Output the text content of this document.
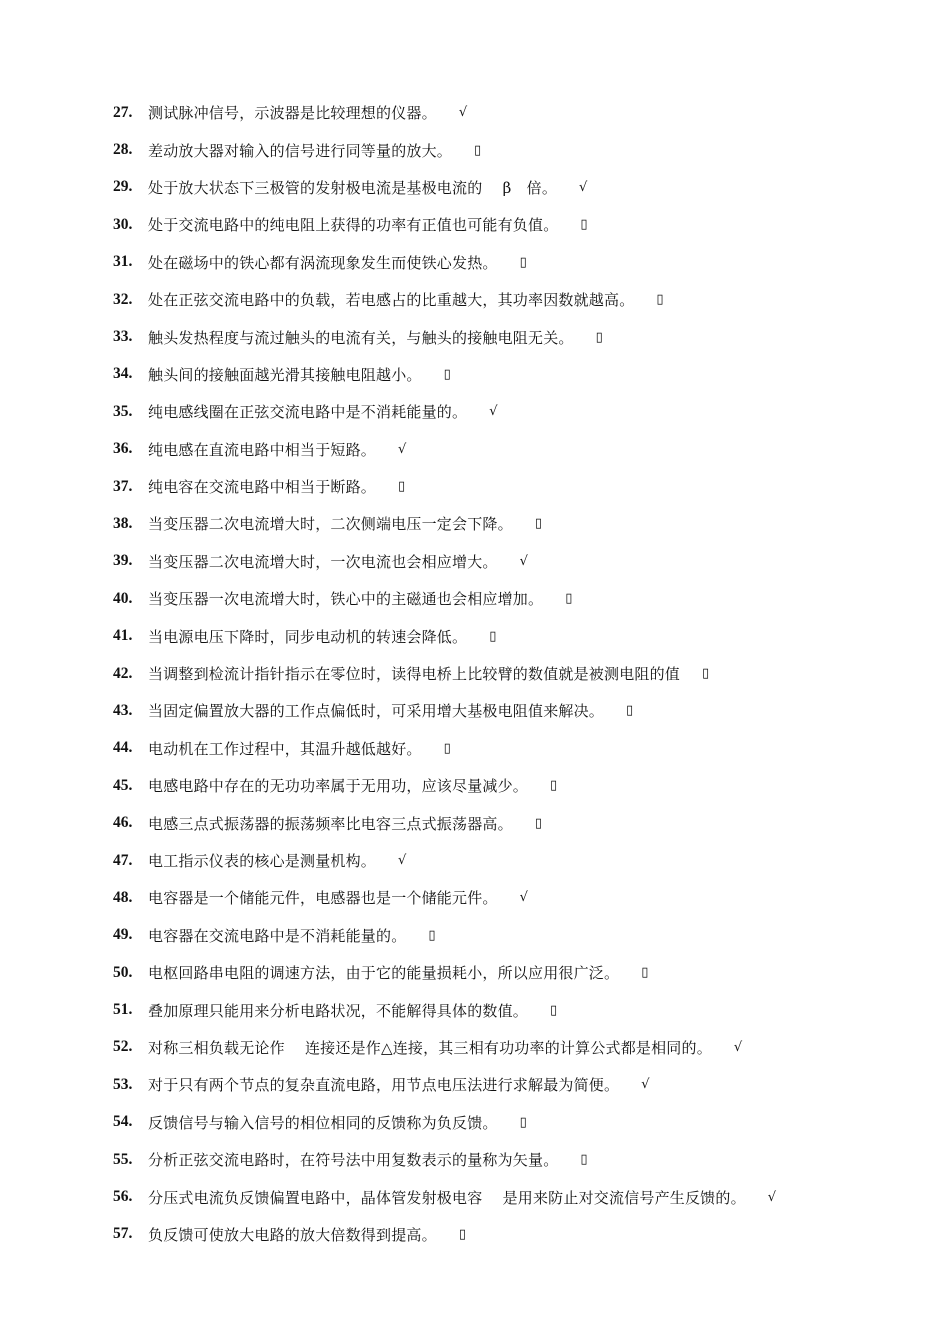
27.	测试脉冲信号，示波器是比较理想的仪器。 √
28.	差动放大器对输入的信号进行同等量的放大。 ▯
29.	处于放大状态下三极管的发射极电流是基极电流的　 β　倍。 √
30.	处于交流电路中的纯电阻上获得的功率有正值也可能有负值。 ▯
31.	处在磁场中的铁心都有涡流现象发生而使铁心发热。 ▯
32.	处在正弦交流电路中的负载，若电感占的比重越大，其功率因数就越高。 ▯
33.	触头发热程度与流过触头的电流有关，与触头的接触电阻无关。 ▯
34.	触头间的接触面越光滑其接触电阻越小。 ▯
35.	纯电感线圈在正弦交流电路中是不消耗能量的。 √
36.	纯电感在直流电路中相当于短路。 √
37.	纯电容在交流电路中相当于断路。 ▯
38.	当变压器二次电流增大时，二次侧端电压一定会下降。 ▯
39.	当变压器二次电流增大时，一次电流也会相应增大。 √
40.	当变压器一次电流增大时，铁心中的主磁通也会相应增加。 ▯
41.	当电源电压下降时，同步电动机的转速会降低。 ▯
42.	当调整到检流计指针指示在零位时，读得电桥上比较臂的数值就是被测电阻的值 ▯
43.	当固定偏置放大器的工作点偏低时，可采用增大基极电阻值来解决。 ▯
44.	电动机在工作过程中，其温升越低越好。 ▯
45.	电感电路中存在的无功功率属于无用功，应该尽量减少。 ▯
46.	电感三点式振荡器的振荡频率比电容三点式振荡器高。 ▯
47.	电工指示仪表的核心是测量机构。 √
48.	电容器是一个储能元件，电感器也是一个储能元件。 √
49.	电容器在交流电路中是不消耗能量的。 ▯
50.	电枢回路串电阻的调速方法，由于它的能量损耗小，所以应用很广泛。 ▯
51.	叠加原理只能用来分析电路状况，不能解得具体的数值。 ▯
52.	对称三相负载无论作　 连接还是作△连接，其三相有功功率的计算公式都是相同的。 √
53.	对于只有两个节点的复杂直流电路，用节点电压法进行求解最为简便。 √
54.	反馈信号与输入信号的相位相同的反馈称为负反馈。 ▯
55.	分析正弦交流电路时，在符号法中用复数表示的量称为矢量。 ▯
56.	分压式电流负反馈偏置电路中，晶体管发射极电容　 是用来防止对交流信号产生反馈的。 √
57.	负反馈可使放大电路的放大倍数得到提高。 ▯
